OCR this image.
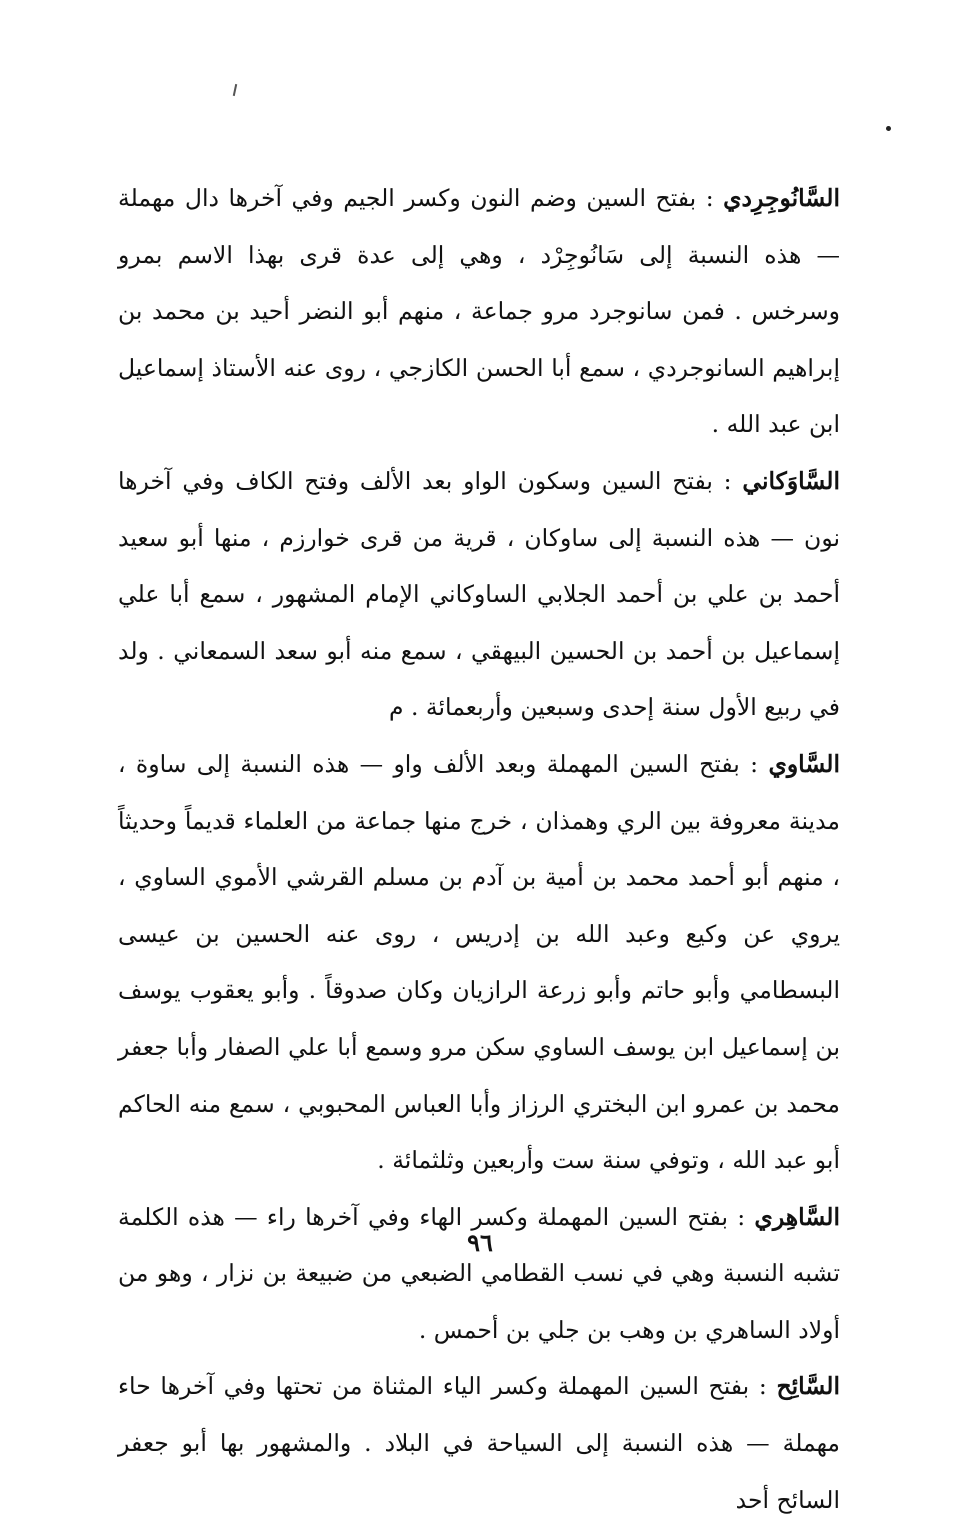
السَّانُوجِرِدي : بفتح السين وضم النون وكسر الجيم وفي آخرها دال مهملة — هذه النسبة إلى سَانُوجِرْد ، وهي إلى عدة قرى بهذا الاسم بمرو وسرخس . فمن سانوجرد مرو جماعة ، منهم أبو النضر أحيد بن محمد بن إبراهيم السانوجردي ، سمع أبا الحسن الكازجي ، روى عنه الأستاذ إسماعيل ابن عبد الله .

السَّاوَكاني : بفتح السين وسكون الواو بعد الألف وفتح الكاف وفي آخرها نون — هذه النسبة إلى ساوكان ، قرية من قرى خوارزم ، منها أبو سعيد أحمد بن علي بن أحمد الجلابي الساوكاني الإمام المشهور ، سمع أبا علي إسماعيل بن أحمد بن الحسين البيهقي ، سمع منه أبو سعد السمعاني . ولد في ربيع الأول سنة إحدى وسبعين وأربعمائة . م

السَّاوي : بفتح السين المهملة وبعد الألف واو — هذه النسبة إلى ساوة ، مدينة معروفة بين الري وهمذان ، خرج منها جماعة من العلماء قديماً وحديثاً ، منهم أبو أحمد محمد بن أمية بن آدم بن مسلم القرشي الأموي الساوي ، يروي عن وكيع وعبد الله بن إدريس ، روى عنه الحسين بن عيسى البسطامي وأبو حاتم وأبو زرعة الرازيان وكان صدوقاً . وأبو يعقوب يوسف بن إسماعيل ابن يوسف الساوي سكن مرو وسمع أبا علي الصفار وأبا جعفر محمد بن عمرو ابن البختري الرزاز وأبا العباس المحبوبي ، سمع منه الحاكم أبو عبد الله ، وتوفي سنة ست وأربعين وثلثمائة .

السَّاهِري : بفتح السين المهملة وكسر الهاء وفي آخرها راء — هذه الكلمة تشبه النسبة وهي في نسب القطامي الضبعي من ضبيعة بن نزار ، وهو من أولاد الساهري بن وهب بن جلي بن أحمس .

السَّائِح : بفتح السين المهملة وكسر الياء المثناة من تحتها وفي آخرها حاء مهملة — هذه النسبة إلى السياحة في البلاد . والمشهور بها أبو جعفر السائح أحد

٩٦
